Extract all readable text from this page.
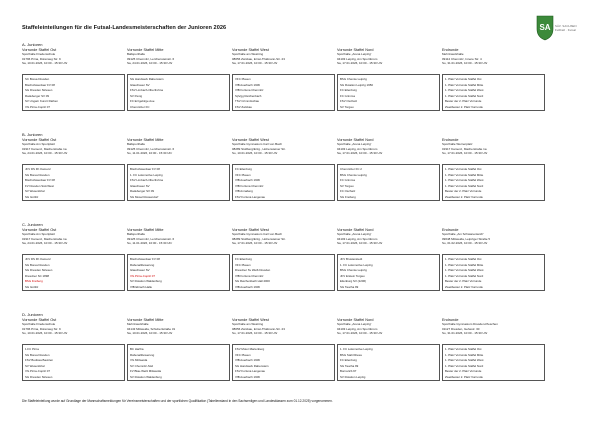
Staffeleinteilungen für die Futsal-Landesmeisterschaften der Junioren 2026	SA SÄV. SACHSEN
Fußball · Futsal
A- Junioren
Vorrunde Staffel Ost
Sporthalle Friedenschule
01796 Pirna, Dürerweg Str. 9
Sa, 10.01.2026, 10:00 - 15:30 Uhr
SC Borea Dresden
Bischofswerdaer FV 08
SG Dresden Striesen
Radeberger SV 09
SV Ungarn Kurort Rathen
VfL Pirna-Copitz 07
Vorrunde Staffel Mitte
Ballsporthalle
09125 Chemnitz, Lerchensteinstr. 6
Sa, 24.01.2026, 10:00 - 15:30 Uhr
SG Handwerk Rabenstein
Glauchauer SV
FSV Limbach-Oberfrohna
SV Penig
FC Erzgebirge Aue
Chemnitzer FC
Vorrunde Staffel West
Sporthalle am Westring
08056 Zwickau, Ernst-Thälmann-Str. 23
Sa, 17.01.2026, 10:00 - 15:30 Uhr
VFC Plauen
VfB Auerbach 1906
VfB Fortuna Chemnitz
SpVgg Reichenbach
TSV Crimmitschau
FSV Zwickau
Vorrunde Staffel Nord
Sporthalle „Arena Leipzig“
04103 Leipzig, Am Sportforum
Sa, 17.01.2026, 10:00 - 15:30 Uhr
BSG Chemie Leipzig
SG Rotation Leipzig 1950
FC Eilenburg
FC Grimma
FSV Oschatz
SV Torgau
Endrunde
Mehrzweckhalle
09112 Chemnitz, Innere Str. 4
So, 31.01.2026, 10:00 - 15:30 Uhr
1. Platz Vorrunde Staffel Ost
1. Platz Vorrunde Staffel Mitte
1. Platz Vorrunde Staffel West
1. Platz Vorrunde Staffel Nord
Bester der 2. Platz Vorrunde
Zweitbester 2. Platz Vorrunde
B- Junioren
Vorrunde Staffel Ost
Sporthalle Am Sportplatz
01917 Kamenz, Macherstraße 1a
Sa, 24.01.2026, 10:00 - 15:30 Uhr
JFV DS FK Kamenz
SG Borea Dresden
Bischofswerdaer FV 08
FV Dresden Süd-West
SV Wesenitztal
SG Görlitz
Vorrunde Staffel Mitte
Ballsporthalle
09125 Chemnitz, Lerchensteinstr. 6
So, 11.01.2026, 10:00 - 15:30 Uhr
Bischofswerdaer FV 08
1. FC Lokomotive Leipzig
FSV Limbach-Oberfrohna
Glauchauer SV
Radeberger SV 09
SG Mosel Rossendorf
Vorrunde Staffel West
Sporthalle Gymnasium Carl von Bach
08289 Stollberg/Erzg., Hohensteiner Str.
So, 10.01.2026, 10:00 - 15:30 Uhr
FC Eilenburg
VFC Plauen
VfB Auerbach 1906
VfB Fortuna Chemnitz
VfB Annaberg
FSV Fortuna Langenau
Vorrunde Staffel Nord
Sporthalle „Arena Leipzig“
04103 Leipzig, Am Sportforum
Sa, 17.01.2026, 10:00 - 15:30 Uhr
Chemnitzer FC 2
BSG Chemie Leipzig
FC Grimma
SV Torgau
FC Oschatz
SG Freiberg
Endrunde
Sporthalle Wernerplatz
01917 Kamenz, Macherstraße 1a
So, 17.01.2026, 10:00 - 15:30 Uhr
1. Platz Vorrunde Staffel Ost
1. Platz Vorrunde Staffel Mitte
1. Platz Vorrunde Staffel West
1. Platz Vorrunde Staffel Nord
Bester der 2. Platz Vorrunde
Zweitbester 2. Platz Vorrunde
C- Junioren
Vorrunde Staffel Ost
Sporthalle Am Sportplatz
01917 Kamenz, Macherstraße 1a
Sa, 24.01.2026, 10:00 - 15:30 Uhr
JFV DS FK Kamenz
SG Borea Dresden
SG Dresden Striesen
Dresdner SC 1898
BSG Freiberg
SG Görlitz
Vorrunde Staffel Mitte
Ballsporthalle
09125 Chemnitz, Lerchensteinstr. 6
So, 11.01.2026, 10:00 - 15:30 Uhr
Bischofswerdaer FV 08
Rabenaltbewerung
Glauchauer SV
VfL Pirna-Copitz 07
SV Rotation Waldenburg
VfB Ebrach Halle
Vorrunde Staffel West
Sporthalle Gymnasium Carl von Bach
08289 Stollberg/Erzg., Hohensteiner Str.
Sa, 17.01.2026, 10:00 - 15:30 Uhr
FC Eilenburg
VFC Plauen
Dresdner Sv Weiß Dresden
VfB Fortuna Chemnitz
SG Reichenbach Hall 2000
VfB Auerbach 1906
Vorrunde Staffel Nord
Sporthalle „Arena Leipzig“
04103 Leipzig, Am Sportforum
Sa, 17.01.2026, 10:00 - 15:30 Uhr
JFV Brustenstedt
1. FC Lokomotive Leipzig
BSG Chemie Leipzig
JFV Erstein Torgau
Eilenburg SV (2206)
SG Taucha 99
Endrunde
Sporthalle „Am Schwanenteich“
09648 Mittweida, Leipziger Straße 5
So, 01.02.2026, 10:00 - 15:30 Uhr
1. Platz Vorrunde Staffel Ost
1. Platz Vorrunde Staffel Mitte
1. Platz Vorrunde Staffel West
1. Platz Vorrunde Staffel Nord
Bester der 2. Platz Vorrunde
Zweitbester 2. Platz Vorrunde
D- Junioren
Vorrunde Staffel Ost
Sporthalle Friedenschule
01796 Pirna, Dürerweg Str. 9
So, 10.01.2026, 10:00 - 15:30 Uhr
1.FC Pirna
SG Borea Dresden
FSV Budissa Bautzen
SV Wesenitztal
VfL Pirna-Copitz 07
SG Dresden Striesen
Vorrunde Staffel Mitte
Mehrzweckhalle
04143 Mittweida, Schubertstraße 31
Sa, 10.01.2026, 10:00 - 15:30 Uhr
BC Hartha
Rabenaltbewerung
VfL Mittweida
SV Chemnitz-Süd
FV Blau-Weiß Mittweida
SV Rotation Waldenburg
Vorrunde Staffel West
Sporthalle am Westring
08056 Zwickau, Ernst-Thälmann-Str. 23
So, 17.01.2026, 10:00 - 15:30 Uhr
FSV Motor Marienberg
VFC Plauen
VfB Auerbach 1906
SG Handwerk Rabenstein
FSV Fortuna Langenau
VfB Auerbach 1906
Vorrunde Staffel Nord
Sporthalle „Arena Leipzig“
04103 Leipzig, Am Sportforum
So, 17.01.2026, 10:00 - 15:30 Uhr
1. FC Lokomotive Leipzig
BSG Stahl Riesa
FC Eilenburg
SG Taucha 99
Borna ES 97
SV Rotation Leipzig
Endrunde
Sporthalle Gymnasium Dresden-Pieschen
01127 Dresden, Gehestr. 30
So, 31.01.2026, 10:00 - 15:30 Uhr
1. Platz Vorrunde Staffel Ost
1. Platz Vorrunde Staffel Mitte
1. Platz Vorrunde Staffel West
1. Platz Vorrunde Staffel Nord
Bester der 2. Platz Vorrunde
Zweitbester 2. Platz Vorrunde
Die Staffeleinteilung wurde auf Grundlage der Mannschaftsmeldungen für Vereinsmeisterschaften und der sportlichen Qualifikation (Tabellenstand in den Sachsenligen und Landesklassen zum 01.12.2025) vorgenommen.
